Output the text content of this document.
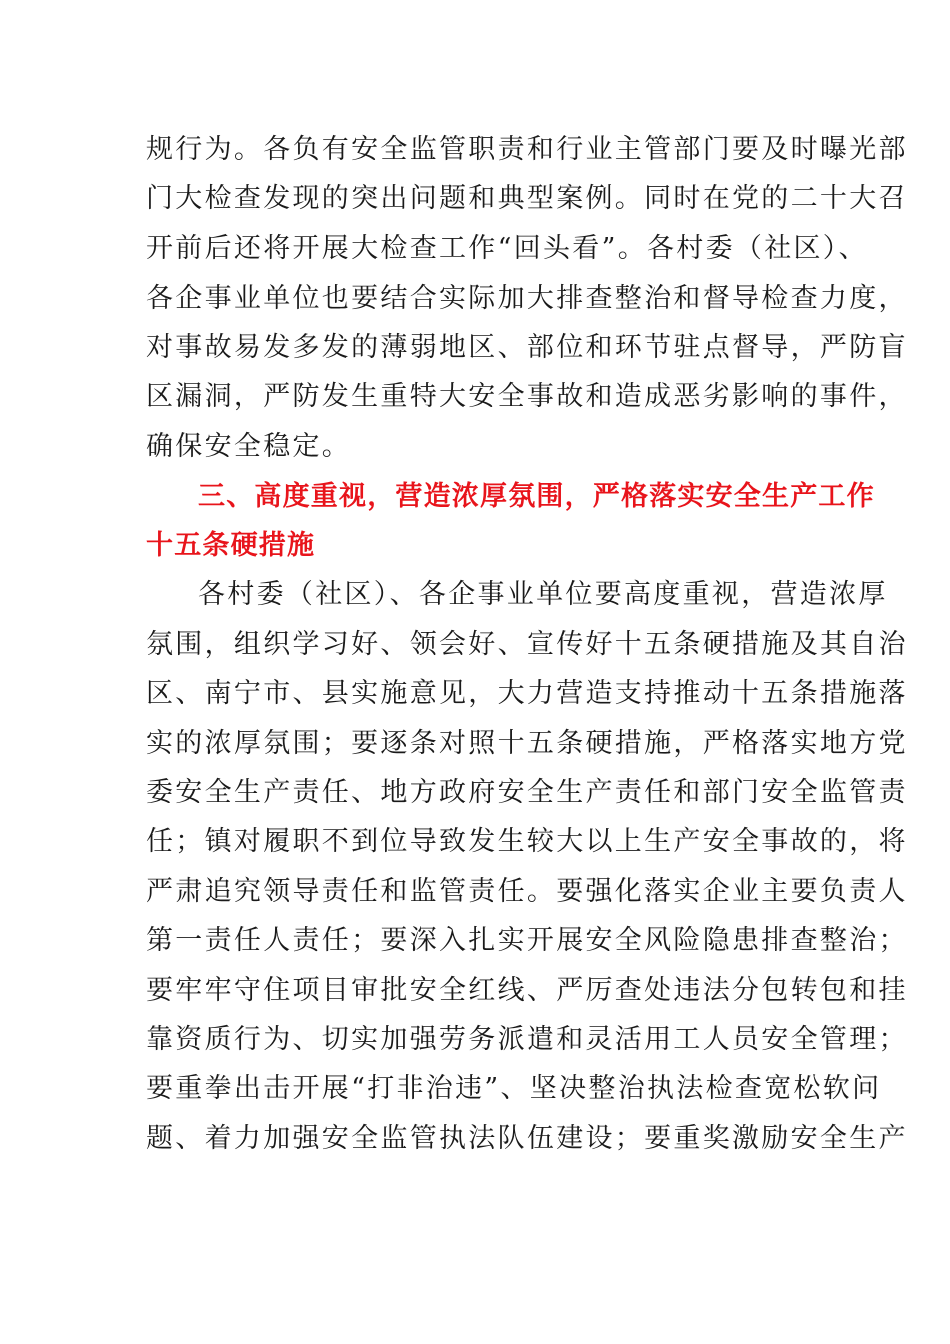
规行为。各负有安全监管职责和行业主管部门要及时曝光部
门大检查发现的突出问题和典型案例。同时在党的二十大召
开前后还将开展大检查工作“回头看”。各村委（社区）、
各企事业单位也要结合实际加大排查整治和督导检查力度，
对事故易发多发的薄弱地区、部位和环节驻点督导，严防盲
区漏洞，严防发生重特大安全事故和造成恶劣影响的事件，
确保安全稳定。
三、高度重视，营造浓厚氛围，严格落实安全生产工作
十五条硬措施
各村委（社区）、各企事业单位要高度重视，营造浓厚
氛围，组织学习好、领会好、宣传好十五条硬措施及其自治
区、南宁市、县实施意见，大力营造支持推动十五条措施落
实的浓厚氛围；要逐条对照十五条硬措施，严格落实地方党
委安全生产责任、地方政府安全生产责任和部门安全监管责
任；镇对履职不到位导致发生较大以上生产安全事故的，将
严肃追究领导责任和监管责任。要强化落实企业主要负责人
第一责任人责任；要深入扎实开展安全风险隐患排查整治；
要牢牢守住项目审批安全红线、严厉查处违法分包转包和挂
靠资质行为、切实加强劳务派遣和灵活用工人员安全管理；
要重拳出击开展“打非治违”、坚决整治执法检查宽松软问
题、着力加强安全监管执法队伍建设；要重奖激励安全生产
